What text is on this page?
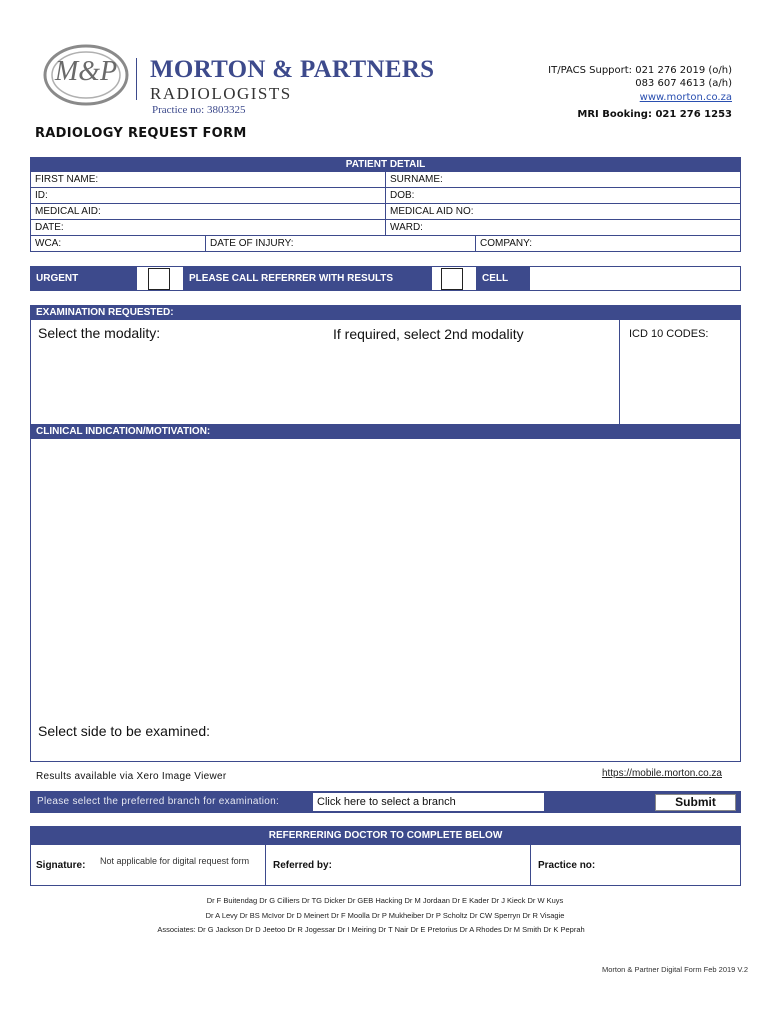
M&P MORTON & PARTNERS
RADIOLOGISTS
Practice no: 3803325
IT/PACS Support: 021 276 2019 (o/h)
083 607 4613 (a/h)
www.morton.co.za
MRI Booking: 021 276 1253
RADIOLOGY REQUEST FORM
PATIENT DETAIL
FIRST NAME:	SURNAME:
ID:	DOB:
MEDICAL AID:	MEDICAL AID NO:
DATE:	WARD:
WCA:	DATE OF INJURY:	COMPANY:
URGENT	PLEASE CALL REFERRER WITH RESULTS	CELL
EXAMINATION REQUESTED:
Select the modality:	If required, select 2nd modality	ICD 10 CODES:
CLINICAL INDICATION/MOTIVATION:
Select side to be examined:
Results available via Xero Image Viewer	https://mobile.morton.co.za
Please select the preferred branch for examination:	Click here to select a branch	Submit
REFERRERING DOCTOR TO COMPLETE BELOW
Signature: Not applicable for digital request form Referred by:	Practice no:
Dr F Buitendag Dr G Cilliers Dr TG Dicker Dr GEB Hacking Dr M Jordaan Dr E Kader Dr J Kieck Dr W Kuys
Dr A Levy Dr BS McIvor Dr D Meinert Dr F Moolla Dr P Mukheiber Dr P Scholtz Dr CW Sperryn Dr R Visagie
Associates: Dr G Jackson Dr D Jeetoo Dr R Jogessar Dr I Meiring Dr T Nair Dr E Pretorius Dr A Rhodes Dr M Smith Dr K Peprah
Morton & Partner Digital Form Feb 2019 V.2
